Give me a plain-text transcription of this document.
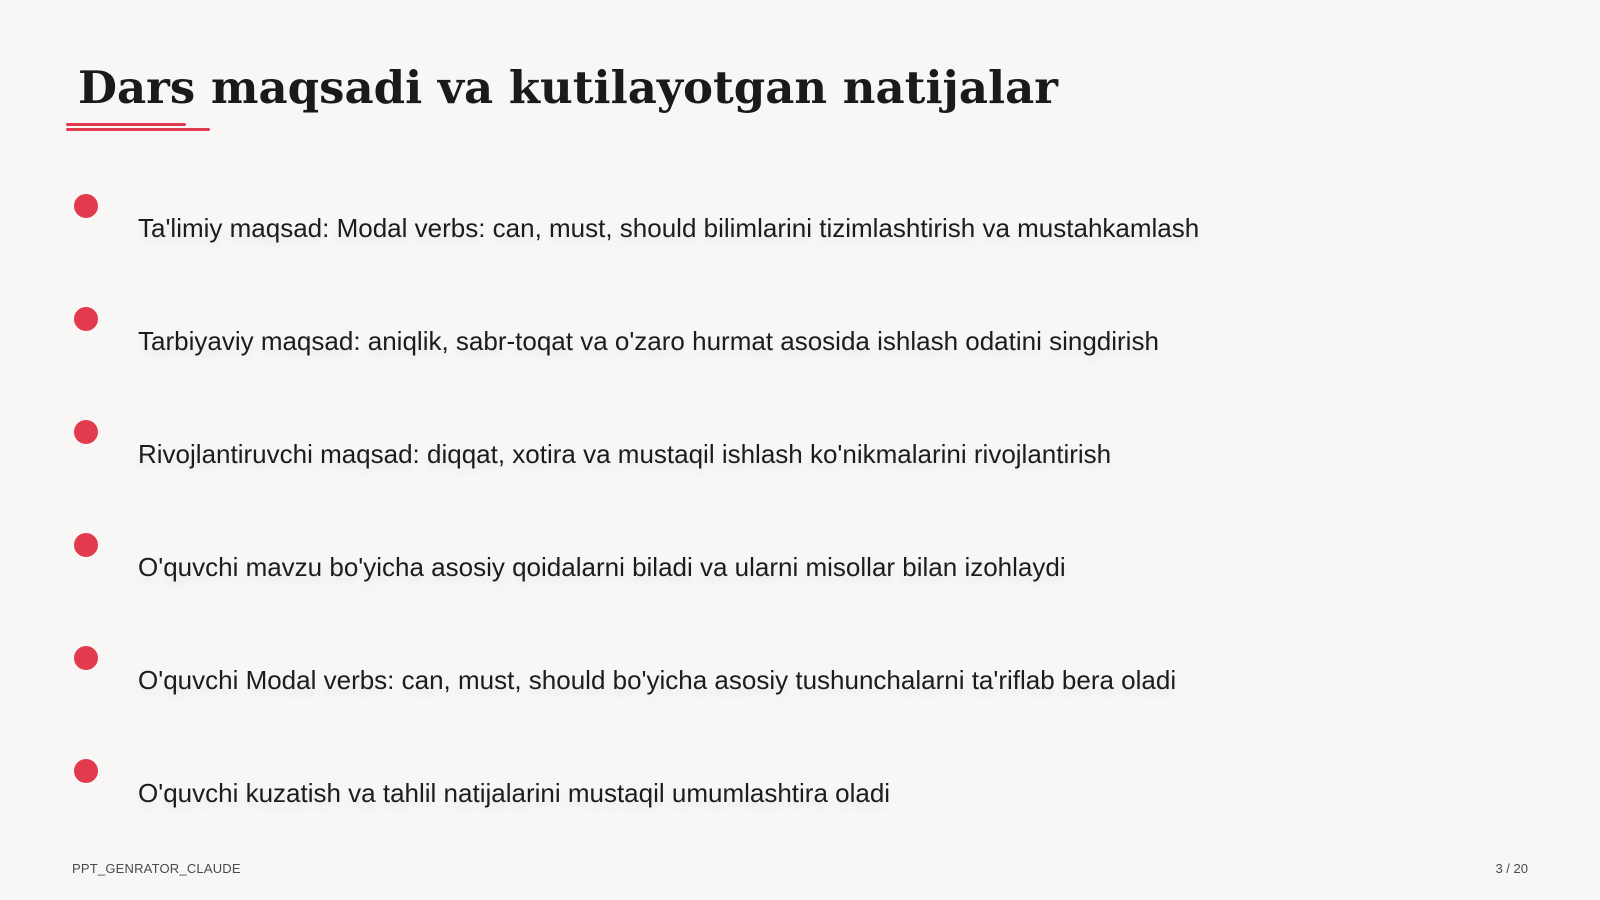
Dars maqsadi va kutilayotgan natijalar
Ta'limiy maqsad: Modal verbs: can, must, should bilimlarini tizimlashtirish va mustahkamlash
Tarbiyaviy maqsad: aniqlik, sabr-toqat va o'zaro hurmat asosida ishlash odatini singdirish
Rivojlantiruvchi maqsad: diqqat, xotira va mustaqil ishlash ko'nikmalarini rivojlantirish
O'quvchi mavzu bo'yicha asosiy qoidalarni biladi va ularni misollar bilan izohlaydi
O'quvchi Modal verbs: can, must, should bo'yicha asosiy tushunchalarni ta'riflab bera oladi
O'quvchi kuzatish va tahlil natijalarini mustaqil umumlashtira oladi
PPT_GENRATOR_CLAUDE	3 / 20
